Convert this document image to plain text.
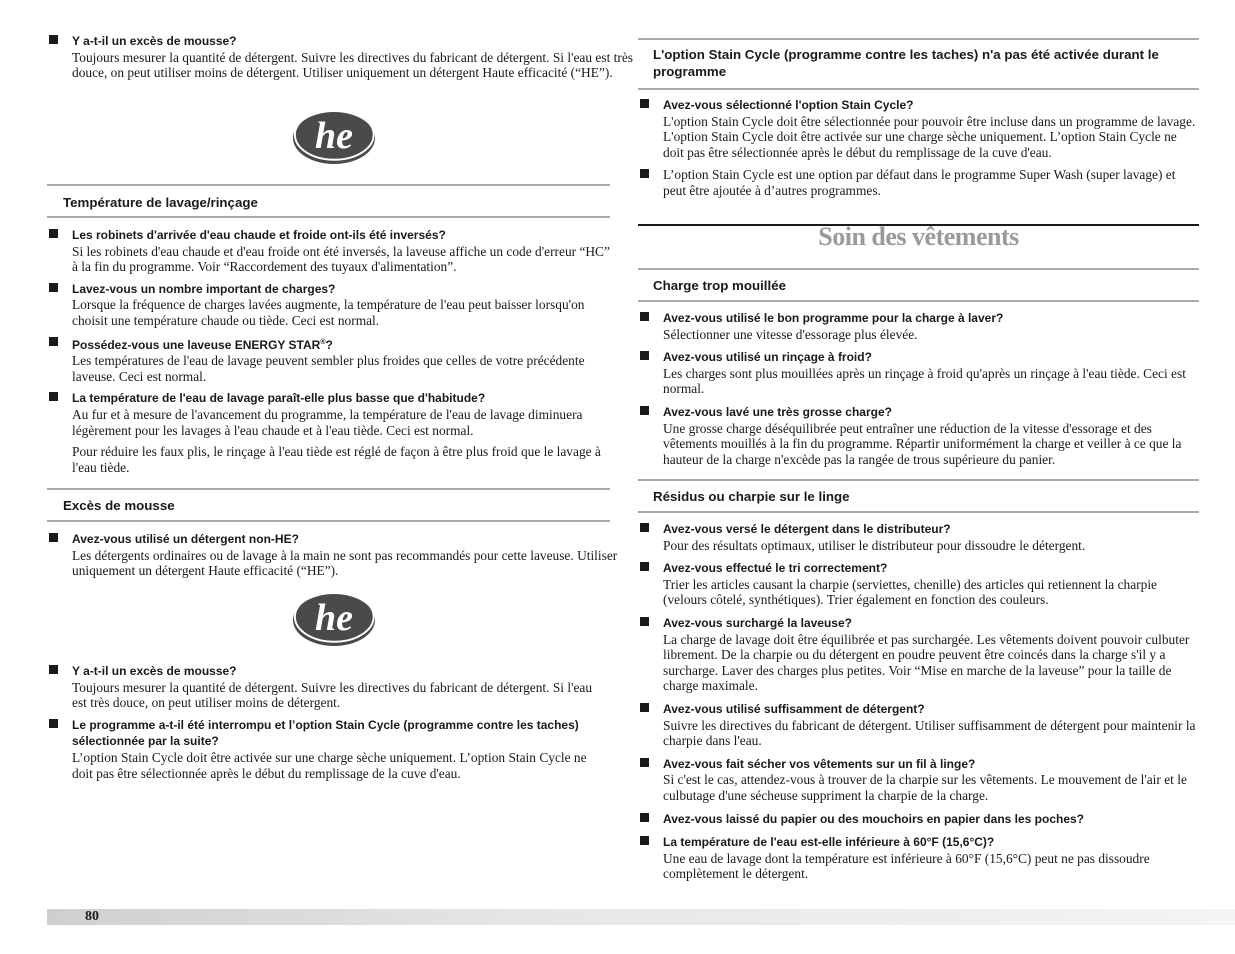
Y a-t-il un excès de mousse?
Toujours mesurer la quantité de détergent. Suivre les directives du fabricant de détergent. Si l'eau est très douce, on peut utiliser moins de détergent. Utiliser uniquement un détergent Haute efficacité (“HE”).
Température de lavage/rinçage
Les robinets d'arrivée d'eau chaude et froide ont-ils été inversés?
Si les robinets d'eau chaude et d'eau froide ont été inversés, la laveuse affiche un code d'erreur “HC” à la fin du programme. Voir “Raccordement des tuyaux d'alimentation”.
Lavez-vous un nombre important de charges?
Lorsque la fréquence de charges lavées augmente, la température de l'eau peut baisser lorsqu'on choisit une température chaude ou tiède. Ceci est normal.
Possédez-vous une laveuse ENERGY STAR®?
Les températures de l'eau de lavage peuvent sembler plus froides que celles de votre précédente laveuse. Ceci est normal.
La température de l'eau de lavage paraît-elle plus basse que d'habitude?
Au fur et à mesure de l'avancement du programme, la température de l'eau de lavage diminuera légèrement pour les lavages à l'eau chaude et à l'eau tiède. Ceci est normal.
Pour réduire les faux plis, le rinçage à l'eau tiède est réglé de façon à être plus froid que le lavage à l'eau tiède.
Excès de mousse
Avez-vous utilisé un détergent non-HE?
Les détergents ordinaires ou de lavage à la main ne sont pas recommandés pour cette laveuse. Utiliser uniquement un détergent Haute efficacité (“HE”).
Y a-t-il un excès de mousse?
Toujours mesurer la quantité de détergent. Suivre les directives du fabricant de détergent. Si l'eau est très douce, on peut utiliser moins de détergent.
Le programme a-t-il été interrompu et l’option Stain Cycle (programme contre les taches) sélectionnée par la suite?
L’option Stain Cycle doit être activée sur une charge sèche uniquement. L’option Stain Cycle ne doit pas être sélectionnée après le début du remplissage de la cuve d'eau.
L'option Stain Cycle (programme contre les taches) n'a pas été activée durant le programme
Avez-vous sélectionné l'option Stain Cycle?
L'option Stain Cycle doit être sélectionnée pour pouvoir être incluse dans un programme de lavage. L'option Stain Cycle doit être activée sur une charge sèche uniquement. L’option Stain Cycle ne doit pas être sélectionnée après le début du remplissage de la cuve d'eau.
L’option Stain Cycle est une option par défaut dans le programme Super Wash (super lavage) et peut être ajoutée à d’autres programmes.
Soin des vêtements
Charge trop mouillée
Avez-vous utilisé le bon programme pour la charge à laver?
Sélectionner une vitesse d'essorage plus élevée.
Avez-vous utilisé un rinçage à froid?
Les charges sont plus mouillées après un rinçage à froid qu'après un rinçage à l'eau tiède. Ceci est normal.
Avez-vous lavé une très grosse charge?
Une grosse charge déséquilibrée peut entraîner une réduction de la vitesse d'essorage et des vêtements mouillés à la fin du programme. Répartir uniformément la charge et veiller à ce que la hauteur de la charge n'excède pas la rangée de trous supérieure du panier.
Résidus ou charpie sur le linge
Avez-vous versé le détergent dans le distributeur?
Pour des résultats optimaux, utiliser le distributeur pour dissoudre le détergent.
Avez-vous effectué le tri correctement?
Trier les articles causant la charpie (serviettes, chenille) des articles qui retiennent la charpie (velours côtelé, synthétiques). Trier également en fonction des couleurs.
Avez-vous surchargé la laveuse?
La charge de lavage doit être équilibrée et pas surchargée. Les vêtements doivent pouvoir culbuter librement. De la charpie ou du détergent en poudre peuvent être coincés dans la charge s'il y a surcharge. Laver des charges plus petites. Voir “Mise en marche de la laveuse” pour la taille de charge maximale.
Avez-vous utilisé suffisamment de détergent?
Suivre les directives du fabricant de détergent. Utiliser suffisamment de détergent pour maintenir la charpie dans l'eau.
Avez-vous fait sécher vos vêtements sur un fil à linge?
Si c'est le cas, attendez-vous à trouver de la charpie sur les vêtements. Le mouvement de l'air et le culbutage d'une sécheuse suppriment la charpie de la charge.
Avez-vous laissé du papier ou des mouchoirs en papier dans les poches?
La température de l'eau est-elle inférieure à 60°F (15,6°C)?
Une eau de lavage dont la température est inférieure à 60°F (15,6°C) peut ne pas dissoudre complètement le détergent.
80
